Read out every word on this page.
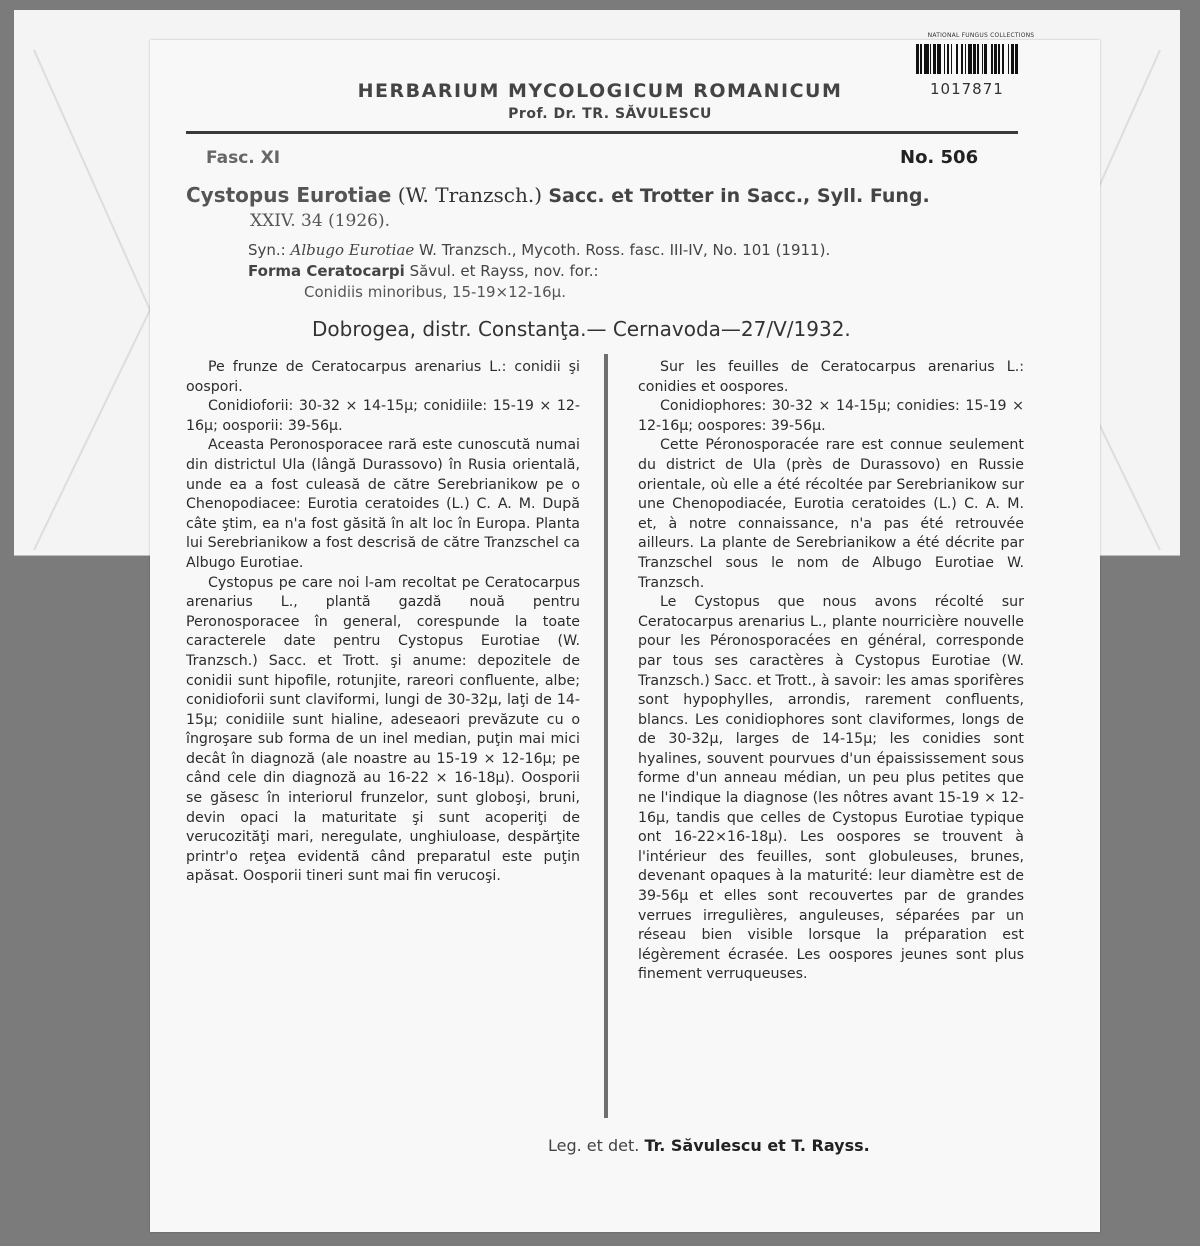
NATIONAL FUNGUS COLLECTIONS
1017871
HERBARIUM MYCOLOGICUM ROMANICUM
Prof. Dr. TR. SĂVULESCU
Fasc. XI	No. 506
Cystopus Eurotiae (W. Tranzsch.) Sacc. et Trotter in Sacc., Syll. Fung.
XXIV. 34 (1926).
Syn.: Albugo Eurotiae W. Tranzsch., Mycoth. Ross. fasc. III-IV, No. 101 (1911).
Forma Ceratocarpi Săvul. et Rayss, nov. for.:
Conidiis minoribus, 15-19×12-16μ.
Dobrogea, distr. Constanţa.— Cernavoda—27/V/1932.

Pe frunze de Ceratocarpus arenarius L.: conidii şi oospori.

Conidioforii: 30-32 × 14-15μ; conidiile: 15-19 × 12-16μ; oosporii: 39-56μ.

Aceasta Peronosporacee rară este cunoscută numai din districtul Ula (lângă Durassovo) în Rusia orientală, unde ea a fost culeasă de către Serebrianikow pe o Chenopodiacee: Eurotia ceratoides (L.) C. A. M. După câte ştim, ea n'a fost găsită în alt loc în Europa. Planta lui Serebrianikow a fost descrisă de către Tranzschel ca Albugo Eurotiae.

Cystopus pe care noi l-am recoltat pe Ceratocarpus arenarius L., plantă gazdă nouă pentru Peronosporacee în general, corespunde la toate caracterele date pentru Cystopus Eurotiae (W. Tranzsch.) Sacc. et Trott. şi anume: depozitele de conidii sunt hipofile, rotunjite, rareori confluente, albe; conidioforii sunt claviformi, lungi de 30-32μ, laţi de 14-15μ; conidiile sunt hialine, adeseaori prevăzute cu o îngroşare sub forma de un inel median, puţin mai mici decât în diagnoză (ale noastre au 15-19 × 12-16μ; pe când cele din diagnoză au 16-22 × 16-18μ). Oosporii se găsesc în interiorul frunzelor, sunt globoşi, bruni, devin opaci la maturitate şi sunt acoperiţi de verucozităţi mari, neregulate, unghiuloase, despărţite printr'o reţea evidentă când preparatul este puţin apăsat. Oosporii tineri sunt mai fin verucoşi.

Sur les feuilles de Ceratocarpus arenarius L.: conidies et oospores.

Conidiophores: 30-32 × 14-15μ; conidies: 15-19 × 12-16μ; oospores: 39-56μ.

Cette Péronosporacée rare est connue seulement du district de Ula (près de Durassovo) en Russie orientale, où elle a été récoltée par Serebrianikow sur une Chenopodiacée, Eurotia ceratoides (L.) C. A. M. et, à notre connaissance, n'a pas été retrouvée ailleurs. La plante de Serebrianikow a été décrite par Tranzschel sous le nom de Albugo Eurotiae W. Tranzsch.

Le Cystopus que nous avons récolté sur Ceratocarpus arenarius L., plante nourricière nouvelle pour les Péronosporacées en général, corresponde par tous ses caractères à Cystopus Eurotiae (W. Tranzsch.) Sacc. et Trott., à savoir: les amas sporifères sont hypophylles, arrondis, rarement confluents, blancs. Les conidiophores sont claviformes, longs de de 30-32μ, larges de 14-15μ; les conidies sont hyalines, souvent pourvues d'un épaississement sous forme d'un anneau médian, un peu plus petites que ne l'indique la diagnose (les nôtres avant 15-19 × 12-16μ, tandis que celles de Cystopus Eurotiae typique ont 16-22×16-18μ). Les oospores se trouvent à l'intérieur des feuilles, sont globuleuses, brunes, devenant opaques à la maturité: leur diamètre est de 39-56μ et elles sont recouvertes par de grandes verrues irregulières, anguleuses, séparées par un réseau bien visible lorsque la préparation est légèrement écrasée. Les oospores jeunes sont plus finement verruqueuses.

Leg. et det. Tr. Săvulescu et T. Rayss.
